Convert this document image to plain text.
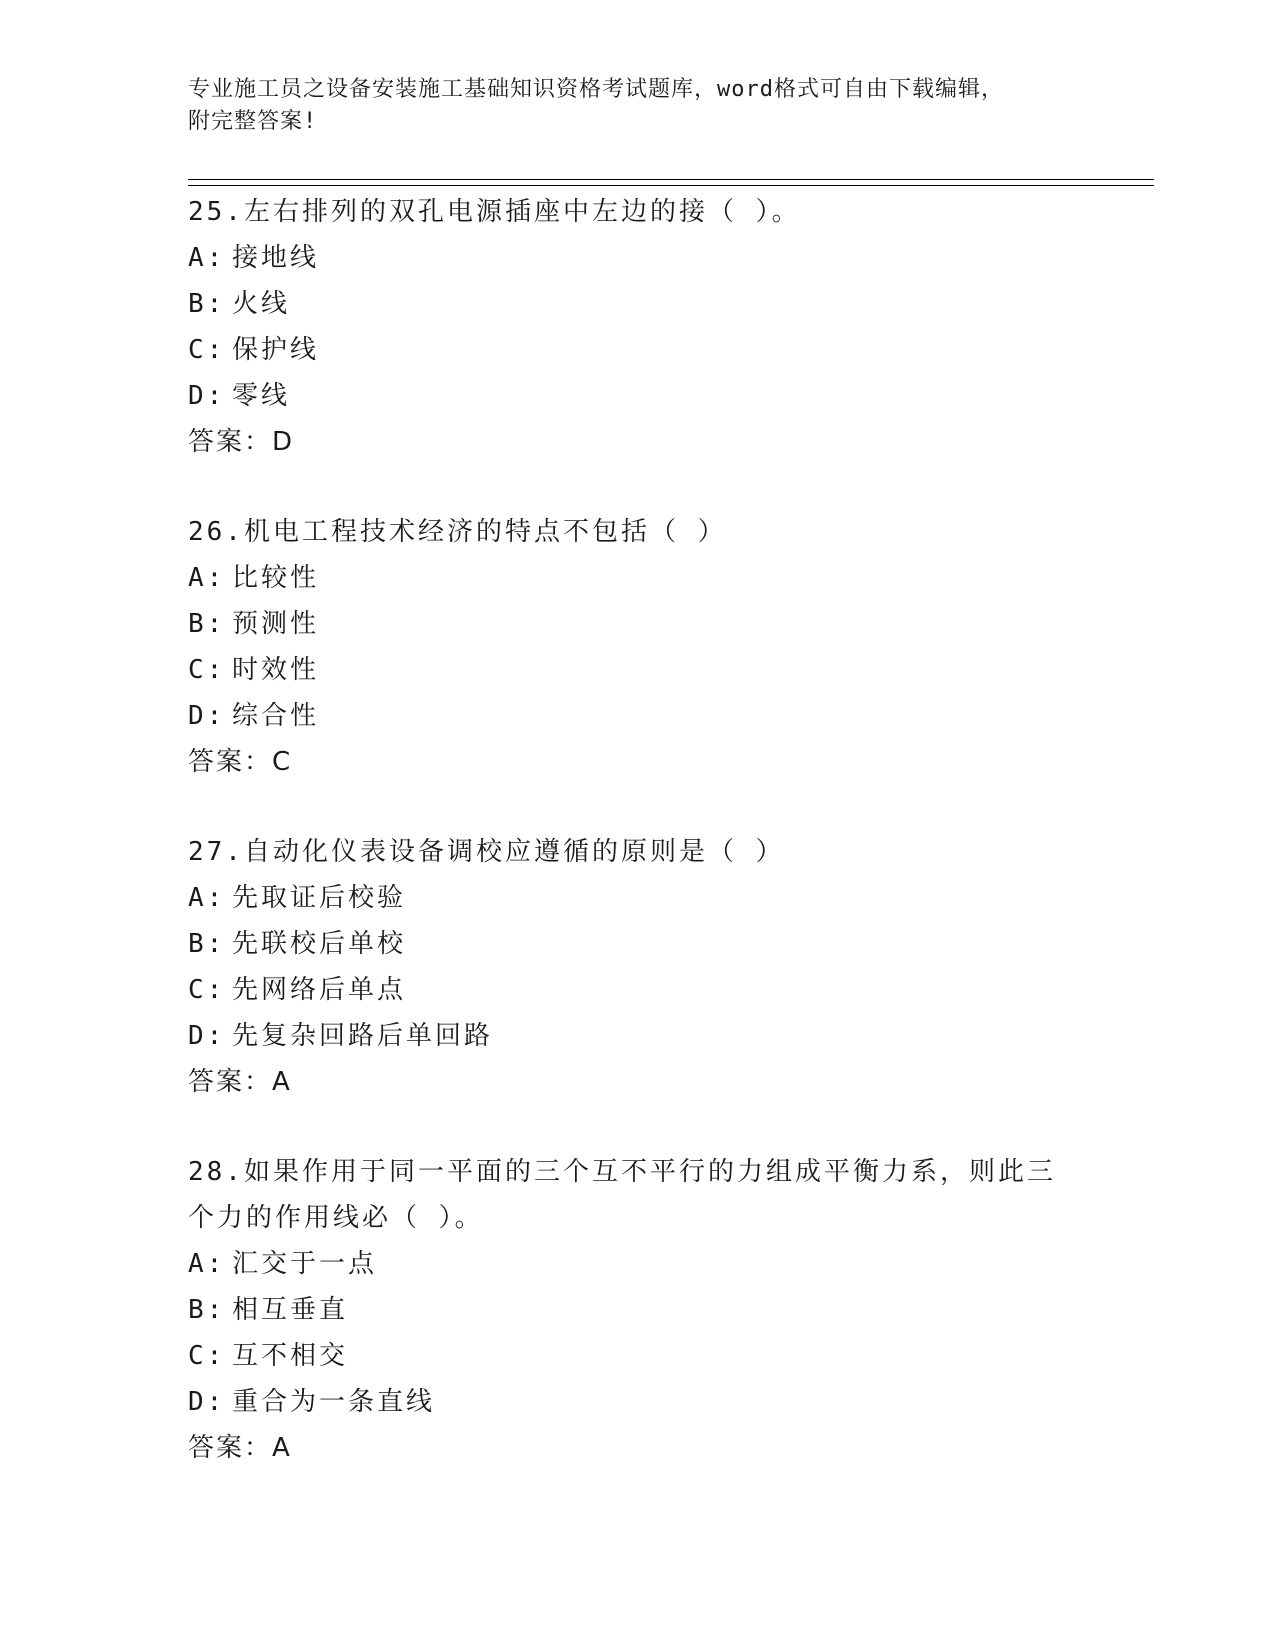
专业施工员之设备安装施工基础知识资格考试题库，word格式可自由下载编辑，
附完整答案!
25.左右排列的双孔电源插座中左边的接（ ）。
A: 接地线
B: 火线
C: 保护线
D: 零线
答案：D
26.机电工程技术经济的特点不包括（ ）
A: 比较性
B: 预测性
C: 时效性
D: 综合性
答案：C
27.自动化仪表设备调校应遵循的原则是（ ）
A: 先取证后校验
B: 先联校后单校
C: 先网络后单点
D: 先复杂回路后单回路
答案：A
28.如果作用于同一平面的三个互不平行的力组成平衡力系，则此三个力的作用线必（ ）。
A: 汇交于一点
B: 相互垂直
C: 互不相交
D: 重合为一条直线
答案：A
